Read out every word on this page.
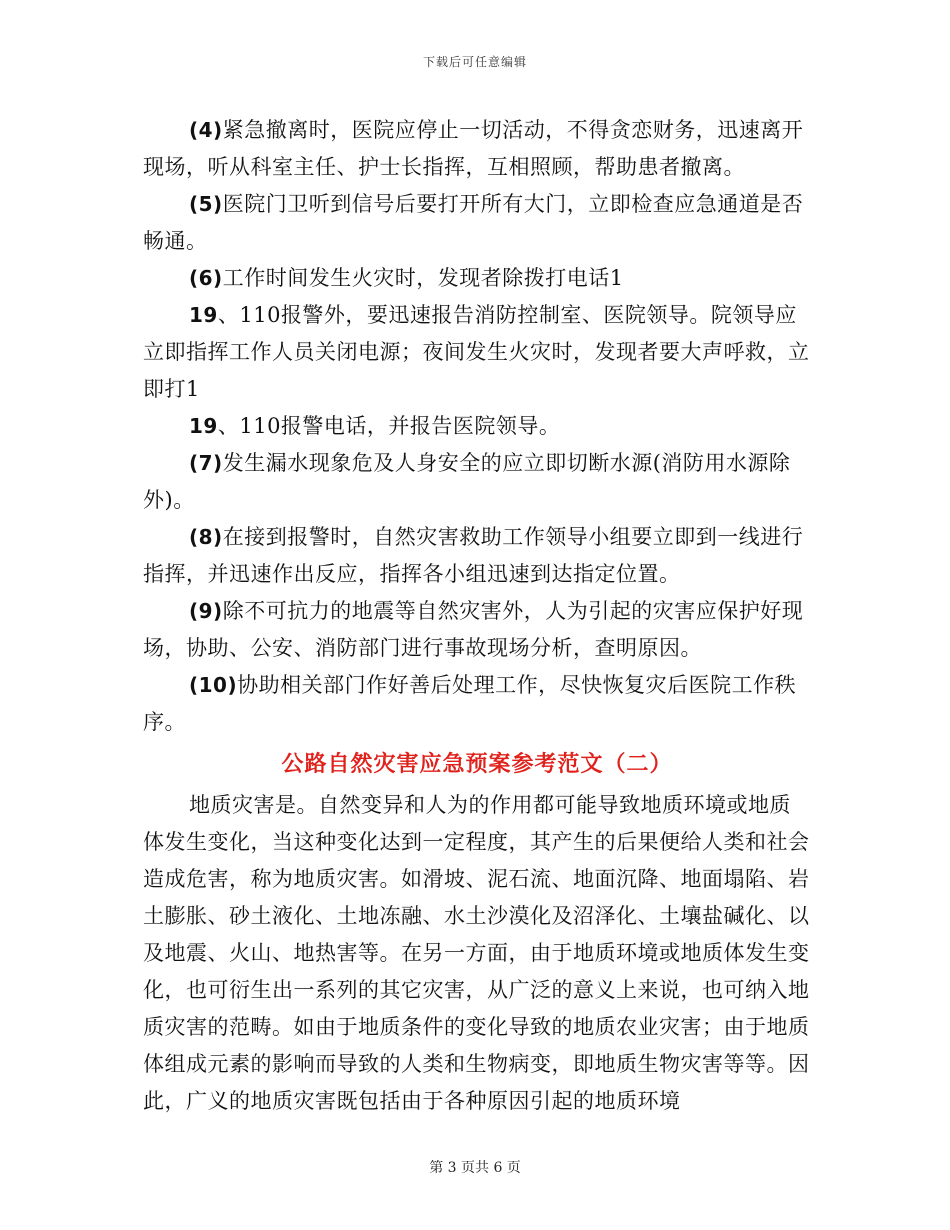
下载后可任意编辑

(4)紧急撤离时，医院应停止一切活动，不得贪恋财务，迅速离开现场，听从科室主任、护士长指挥，互相照顾，帮助患者撤离。

(5)医院门卫听到信号后要打开所有大门，立即检查应急通道是否畅通。

(6)工作时间发生火灾时，发现者除拨打电话1

19、110报警外，要迅速报告消防控制室、医院领导。院领导应立即指挥工作人员关闭电源；夜间发生火灾时，发现者要大声呼救，立即打1

19、110报警电话，并报告医院领导。

(7)发生漏水现象危及人身安全的应立即切断水源(消防用水源除外)。

(8)在接到报警时，自然灾害救助工作领导小组要立即到一线进行指挥，并迅速作出反应，指挥各小组迅速到达指定位置。

(9)除不可抗力的地震等自然灾害外，人为引起的灾害应保护好现场，协助、公安、消防部门进行事故现场分析，查明原因。

(10)协助相关部门作好善后处理工作，尽快恢复灾后医院工作秩序。

公路自然灾害应急预案参考范文（二）

地质灾害是。自然变异和人为的作用都可能导致地质环境或地质体发生变化，当这种变化达到一定程度，其产生的后果便给人类和社会造成危害，称为地质灾害。如滑坡、泥石流、地面沉降、地面塌陷、岩土膨胀、砂土液化、土地冻融、水土沙漠化及沼泽化、土壤盐碱化、以及地震、火山、地热害等。在另一方面，由于地质环境或地质体发生变化，也可衍生出一系列的其它灾害，从广泛的意义上来说，也可纳入地质灾害的范畴。如由于地质条件的变化导致的地质农业灾害；由于地质体组成元素的影响而导致的人类和生物病变，即地质生物灾害等等。因此，广义的地质灾害既包括由于各种原因引起的地质环境

第 3 页共 6 页
